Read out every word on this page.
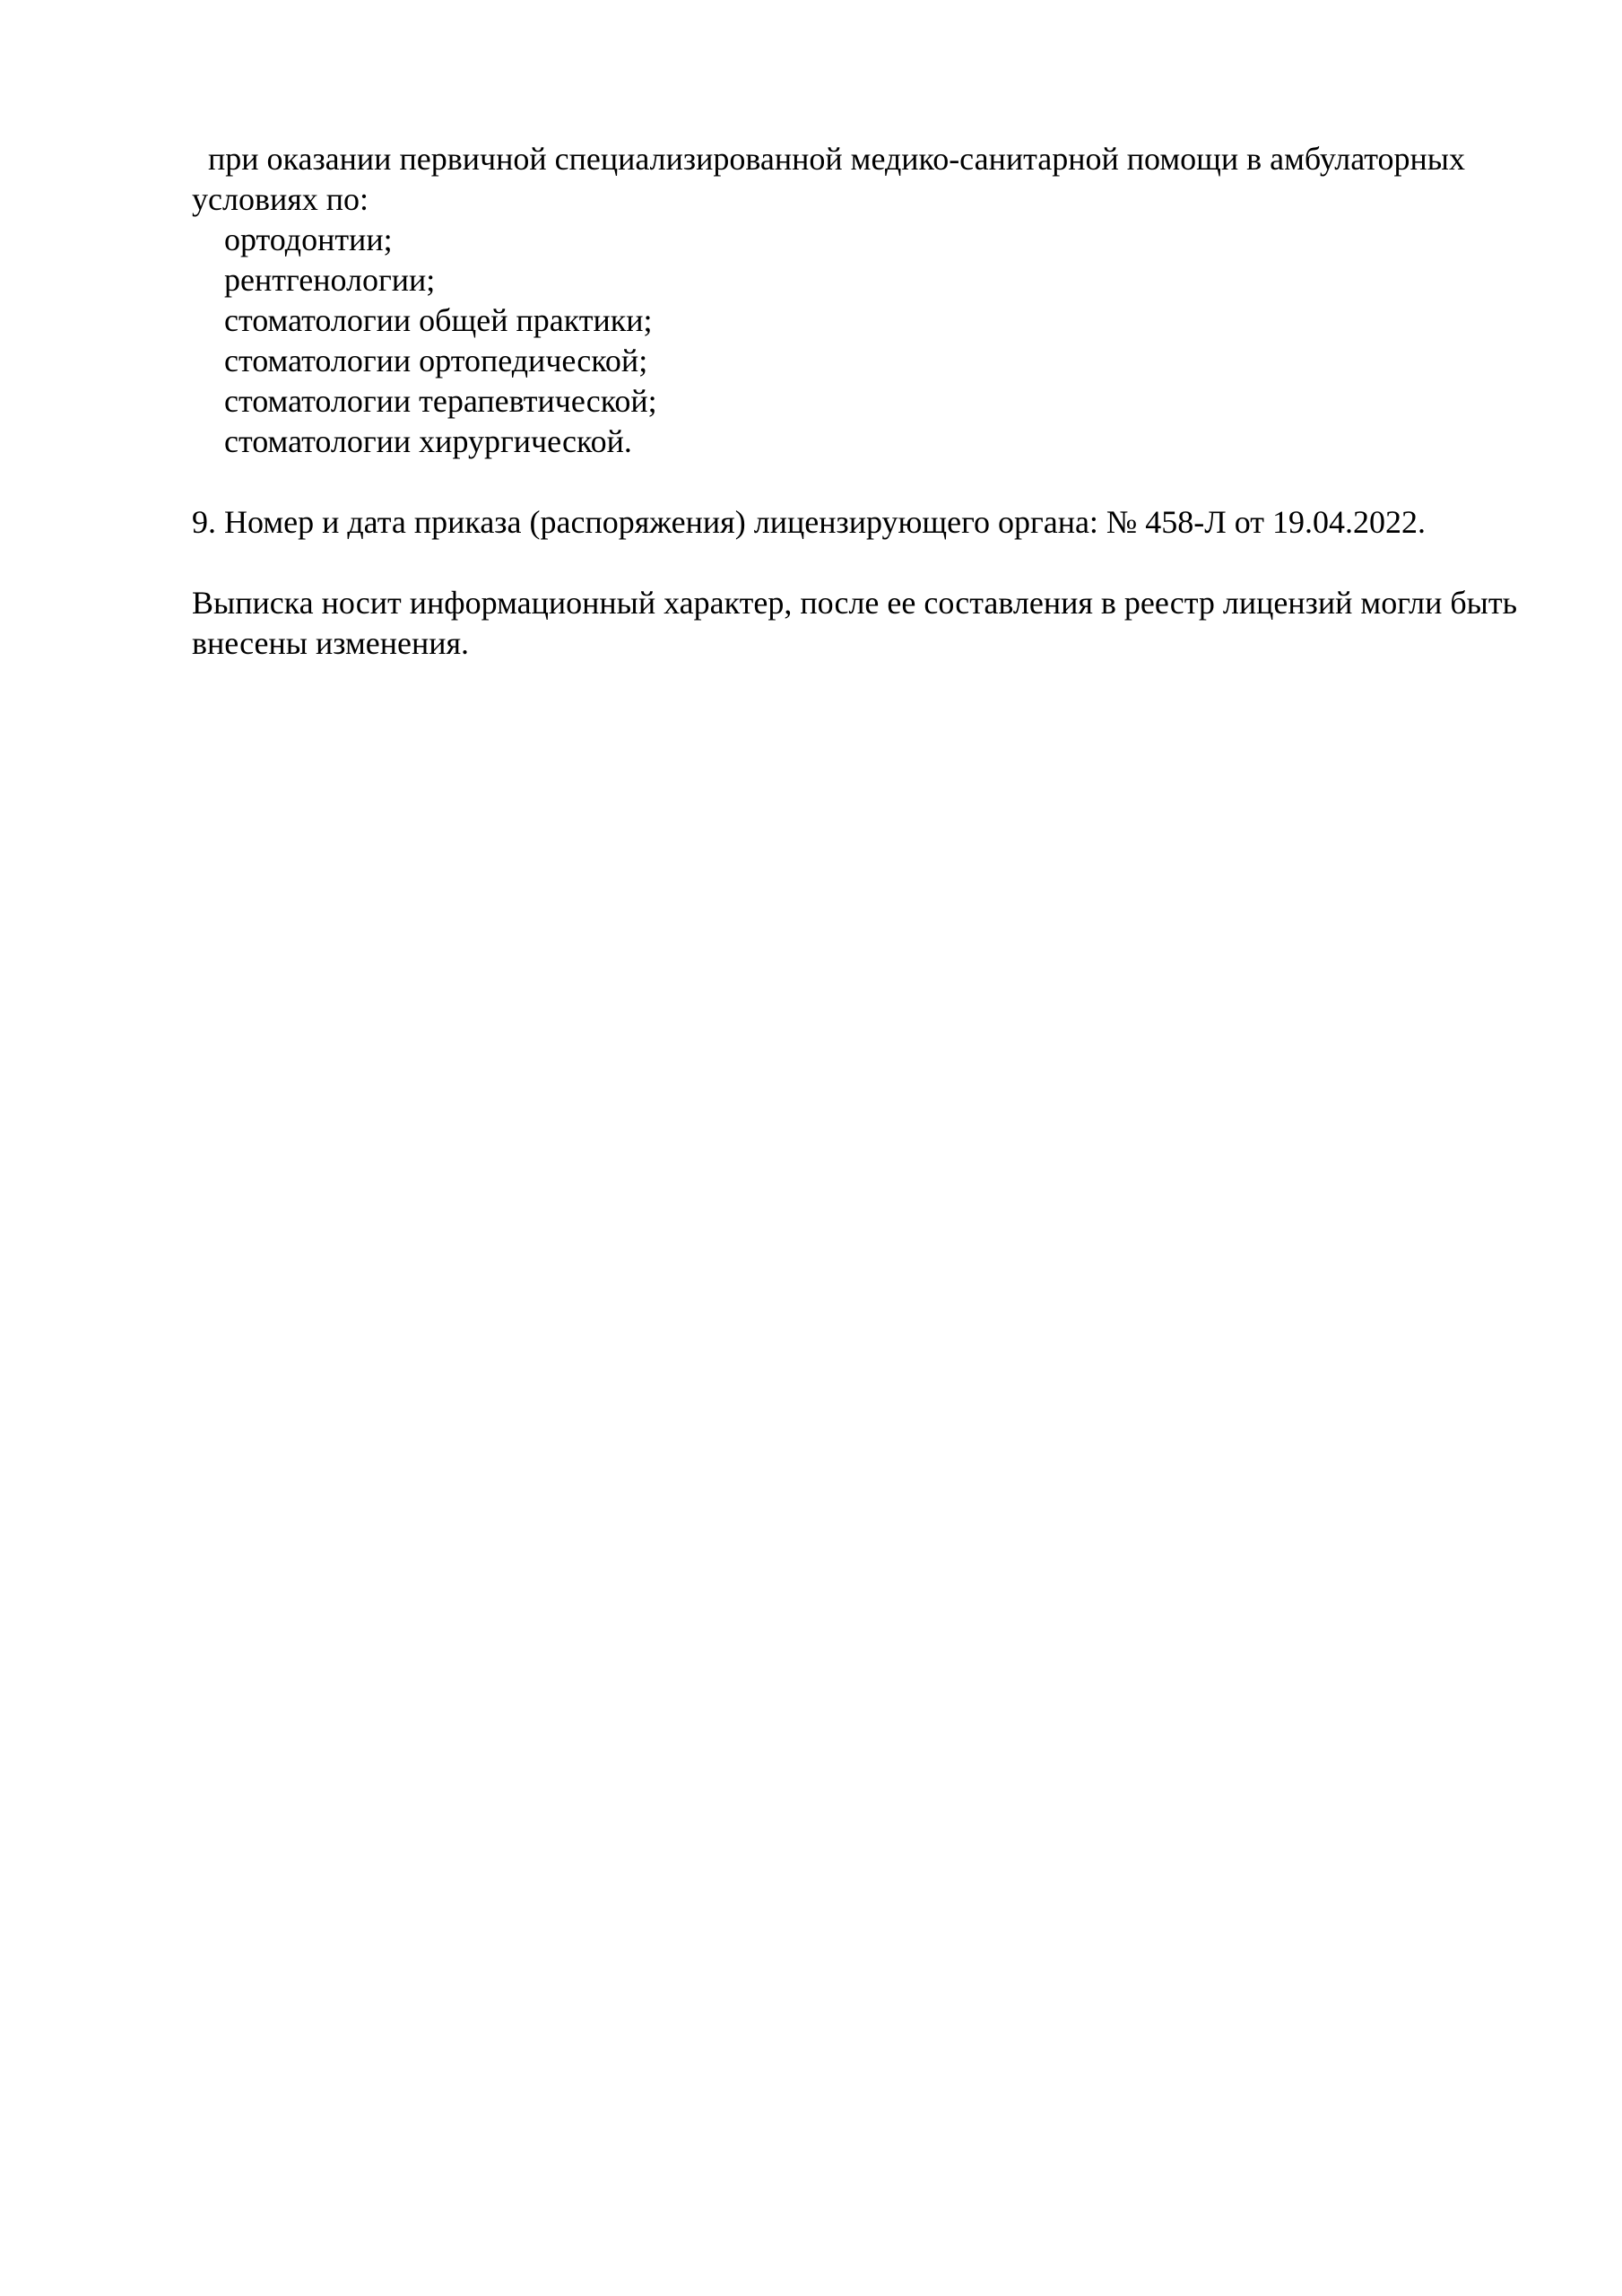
при оказании первичной специализированной медико-санитарной помощи в амбулаторных
условиях по:
ортодонтии;
рентгенологии;
стоматологии общей практики;
стоматологии ортопедической;
стоматологии терапевтической;
стоматологии хирургической.
9. Номер и дата приказа (распоряжения) лицензирующего органа: № 458-Л от 19.04.2022.
Выписка носит информационный характер, после ее составления в реестр лицензий могли быть
внесены изменения.
